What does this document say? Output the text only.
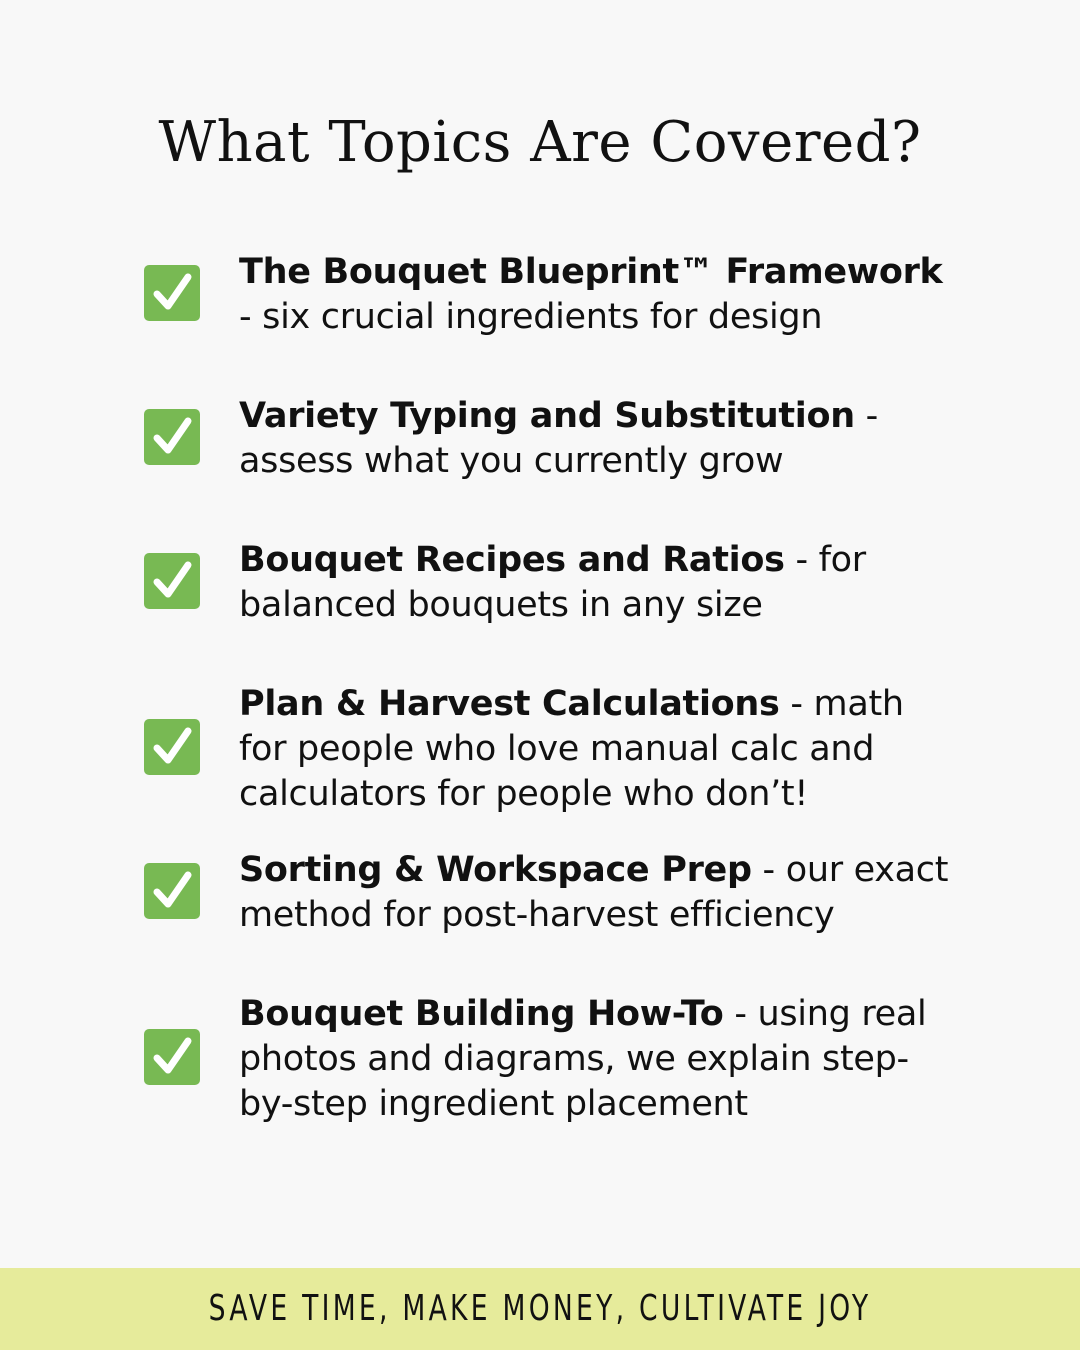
What Topics Are Covered?
The Bouquet Blueprint™ Framework - six crucial ingredients for design
Variety Typing and Substitution - assess what you currently grow
Bouquet Recipes and Ratios - for balanced bouquets in any size
Plan & Harvest Calculations - math for people who love manual calc and calculators for people who don’t!
Sorting & Workspace Prep - our exact method for post-harvest efficiency
Bouquet Building How-To - using real photos and diagrams, we explain step-by-step ingredient placement
SAVE TIME, MAKE MONEY, CULTIVATE JOY
